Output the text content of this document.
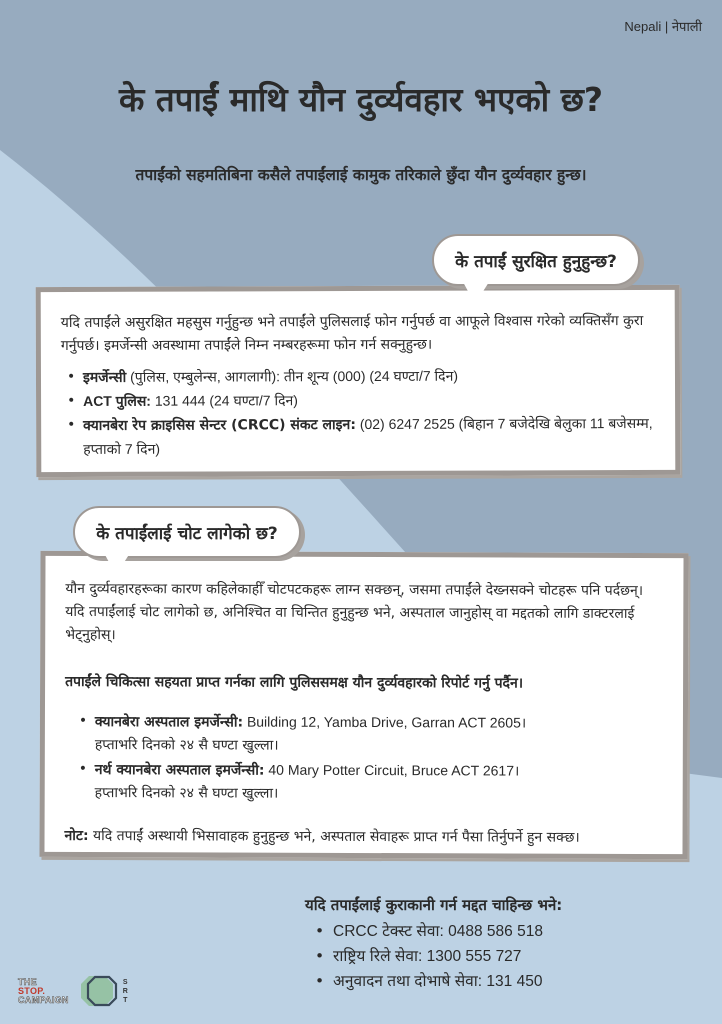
Nepali | नेपाली
के तपाईं माथि यौन दुर्व्यवहार भएको छ?
तपाईंको सहमतिबिना कसैले तपाईंलाई कामुक तरिकाले छुँदा यौन दुर्व्यवहार हुन्छ।
के तपाईं सुरक्षित हुनुहुन्छ?

यदि तपाईंले असुरक्षित महसुस गर्नुहुन्छ भने तपाईंले पुलिसलाई फोन गर्नुपर्छ वा आफूले विश्वास गरेको व्यक्तिसँग कुरा गर्नुपर्छ। इमर्जेन्सी अवस्थामा तपाईंले निम्न नम्बरहरूमा फोन गर्न सक्नुहुन्छ।

• इमर्जेन्सी (पुलिस, एम्बुलेन्स, आगलागी): तीन शून्य (000) (24 घण्टा/7 दिन)
• ACT पुलिस: 131 444 (24 घण्टा/7 दिन)
• क्यानबेरा रेप क्राइसिस सेन्टर (CRCC) संकट लाइन: (02) 6247 2525 (बिहान 7 बजेदेखि बेलुका 11 बजेसम्म, हप्ताको 7 दिन)
के तपाईंलाई चोट लागेको छ?

यौन दुर्व्यवहारहरूका कारण कहिलेकाहीँ चोटपटकहरू लाग्न सक्छन्, जसमा तपाईंले देख्नसक्ने चोटहरू पनि पर्दछन्। यदि तपाईंलाई चोट लागेको छ, अनिश्चित वा चिन्तित हुनुहुन्छ भने, अस्पताल जानुहोस् वा मद्दतको लागि डाक्टरलाई भेट्नुहोस्।

तपाईंले चिकित्सा सहयता प्राप्त गर्नका लागि पुलिससमक्ष यौन दुर्व्यवहारको रिपोर्ट गर्नु पर्दैन।

• क्यानबेरा अस्पताल इमर्जेन्सी: Building 12, Yamba Drive, Garran ACT 2605।
हप्ताभरि दिनको २४ सै घण्टा खुल्ला।
• नर्थ क्यानबेरा अस्पताल इमर्जेन्सी: 40 Mary Potter Circuit, Bruce ACT 2617।
हप्ताभरि दिनको २४ सै घण्टा खुल्ला।

नोट: यदि तपाईं अस्थायी भिसावाहक हुनुहुन्छ भने, अस्पताल सेवाहरू प्राप्त गर्न पैसा तिर्नुपर्ने हुन सक्छ।

यदि तपाईंलाई कुराकानी गर्न मद्दत चाहिन्छ भने:
• CRCC टेक्स्ट सेवा: 0488 586 518
• राष्ट्रिय रिले सेवा: 1300 555 727
• अनुवादन तथा दोभाषे सेवा: 131 450
THE
STOP.
CAMPAIGN
S
R
T
